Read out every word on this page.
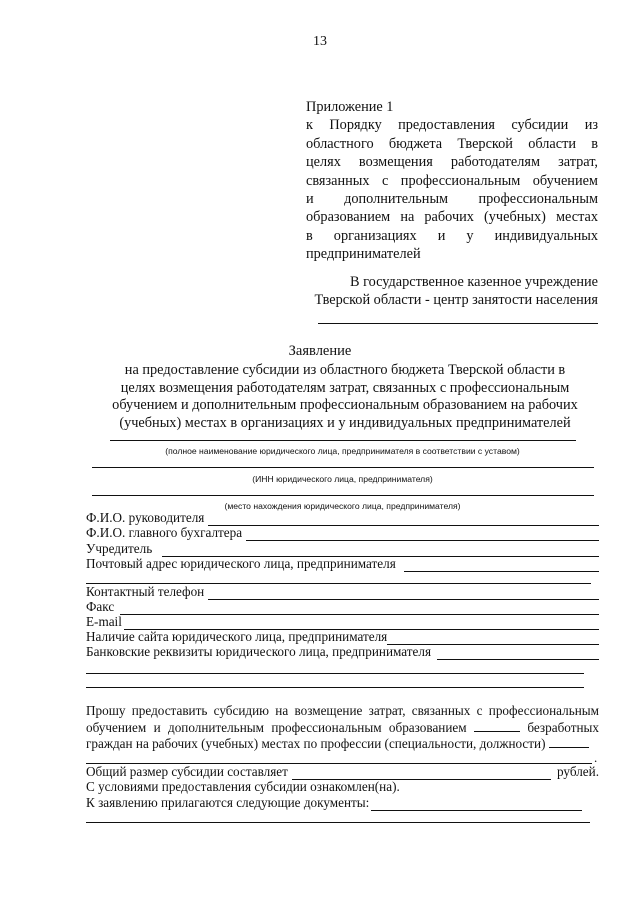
13
Приложение 1
к Порядку предоставления субсидии из
областного бюджета Тверской области в
целях возмещения работодателям затрат,
связанных с профессиональным обучением
и дополнительным профессиональным
образованием на рабочих (учебных) местах
в организациях и у индивидуальных
предпринимателей
В государственное казенное учреждение
Тверской области - центр занятости населения
Заявление
на предоставление субсидии из областного бюджета Тверской области в
целях возмещения работодателям затрат, связанных с профессиональным
обучением и дополнительным профессиональным образованием на рабочих
(учебных) местах в организациях и у индивидуальных предпринимателей
(полное наименование юридического лица, предпринимателя в соответствии с уставом)
(ИНН юридического лица, предпринимателя)
(место нахождения юридического лица, предпринимателя)
Ф.И.О. руководителя
Ф.И.О. главного бухгалтера
Учредитель
Почтовый адрес юридического лица, предпринимателя
Контактный телефон
Факс
E-mail
Наличие сайта юридического лица, предпринимателя
Банковские реквизиты юридического лица, предпринимателя
Прошу предоставить субсидию на возмещение затрат, связанных с профессиональным обучением и дополнительным профессиональным образованием	безработных граждан на рабочих (учебных) местах по профессии (специальности, должности)
.
Общий размер субсидии составляет	рублей.
С условиями предоставления субсидии ознакомлен(на).
К заявлению прилагаются следующие документы:
